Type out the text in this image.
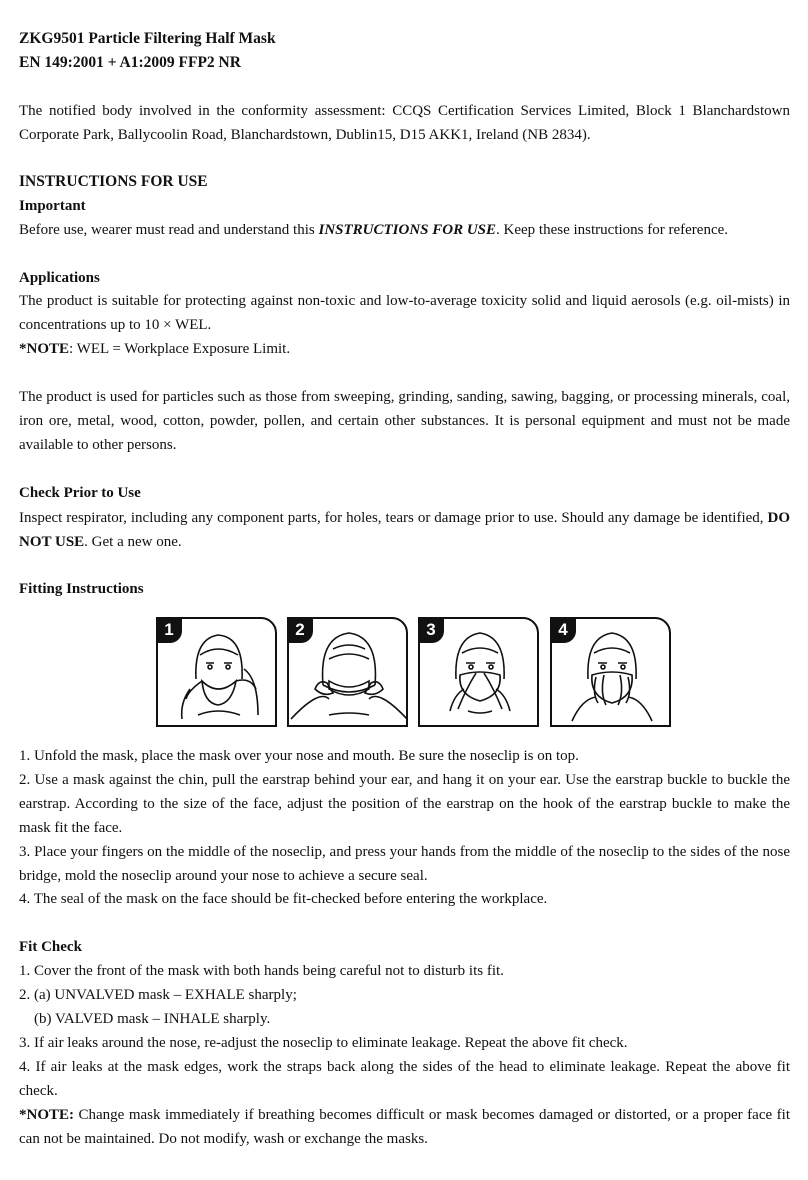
ZKG9501 Particle Filtering Half Mask

EN 149:2001 + A1:2009 FFP2 NR

The notified body involved in the conformity assessment: CCQS Certification Services Limited, Block 1 Blanchardstown Corporate Park, Ballycoolin Road, Blanchardstown, Dublin15, D15 AKK1, Ireland (NB 2834).

INSTRUCTIONS FOR USE

Important

Before use, wearer must read and understand this INSTRUCTIONS FOR USE. Keep these instructions for reference.

Applications

The product is suitable for protecting against non-toxic and low-to-average toxicity solid and liquid aerosols (e.g. oil-mists) in concentrations up to 10 × WEL.

*NOTE: WEL = Workplace Exposure Limit.

The product is used for particles such as those from sweeping, grinding, sanding, sawing, bagging, or processing minerals, coal, iron ore, metal, wood, cotton, powder, pollen, and certain other substances. It is personal equipment and must not be made available to other persons.

Check Prior to Use

Inspect respirator, including any component parts, for holes, tears or damage prior to use. Should any damage be identified, DO NOT USE. Get a new one.

Fitting Instructions

1	2	3	4

1. Unfold the mask, place the mask over your nose and mouth. Be sure the noseclip is on top.

2. Use a mask against the chin, pull the earstrap behind your ear, and hang it on your ear. Use the earstrap buckle to buckle the earstrap. According to the size of the face, adjust the position of the earstrap on the hook of the earstrap buckle to make the mask fit the face.

3. Place your fingers on the middle of the noseclip, and press your hands from the middle of the noseclip to the sides of the nose bridge, mold the noseclip around your nose to achieve a secure seal.

4. The seal of the mask on the face should be fit-checked before entering the workplace.

Fit Check

1. Cover the front of the mask with both hands being careful not to disturb its fit.

2. (a) UNVALVED mask – EXHALE sharply;

(b) VALVED mask – INHALE sharply.

3. If air leaks around the nose, re-adjust the noseclip to eliminate leakage. Repeat the above fit check.

4. If air leaks at the mask edges, work the straps back along the sides of the head to eliminate leakage. Repeat the above fit check.

*NOTE: Change mask immediately if breathing becomes difficult or mask becomes damaged or distorted, or a proper face fit can not be maintained. Do not modify, wash or exchange the masks.
